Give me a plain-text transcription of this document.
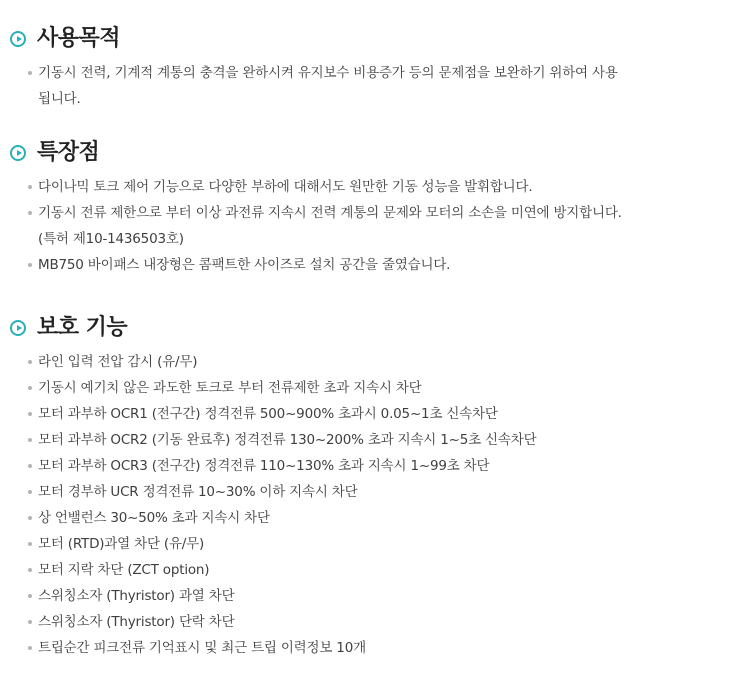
사용목적
기동시 전력, 기계적 계통의 충격을 완하시켜 유지보수 비용증가 등의 문제점을 보완하기 위하여 사용
됩니다.
특장점
다이나믹 토크 제어 기능으로 다양한 부하에 대해서도 원만한 기동 성능을 발휘합니다.
기동시 전류 제한으로 부터 이상 과전류 지속시 전력 계통의 문제와 모터의 소손을 미연에 방지합니다.
(특허 제10-1436503호)
MB750 바이패스 내장형은 콤팩트한 사이즈로 설치 공간을 줄였습니다.
보호 기능
라인 입력 전압 감시 (유/무)
기동시 예기치 않은 과도한 토크로 부터 전류제한 초과 지속시 차단
모터 과부하 OCR1 (전구간) 정격전류 500~900% 초과시 0.05~1초 신속차단
모터 과부하 OCR2 (기동 완료후) 정격전류 130~200% 초과 지속시 1~5초 신속차단
모터 과부하 OCR3 (전구간) 정격전류 110~130% 초과 지속시 1~99초 차단
모터 경부하 UCR 정격전류 10~30% 이하 지속시 차단
상 언밸런스 30~50% 초과 지속시 차단
모터 (RTD)과열 차단 (유/무)
모터 지락 차단 (ZCT option)
스위칭소자 (Thyristor) 과열 차단
스위칭소자 (Thyristor) 단락 차단
트립순간 피크전류 기억표시 및 최근 트립 이력정보 10개
